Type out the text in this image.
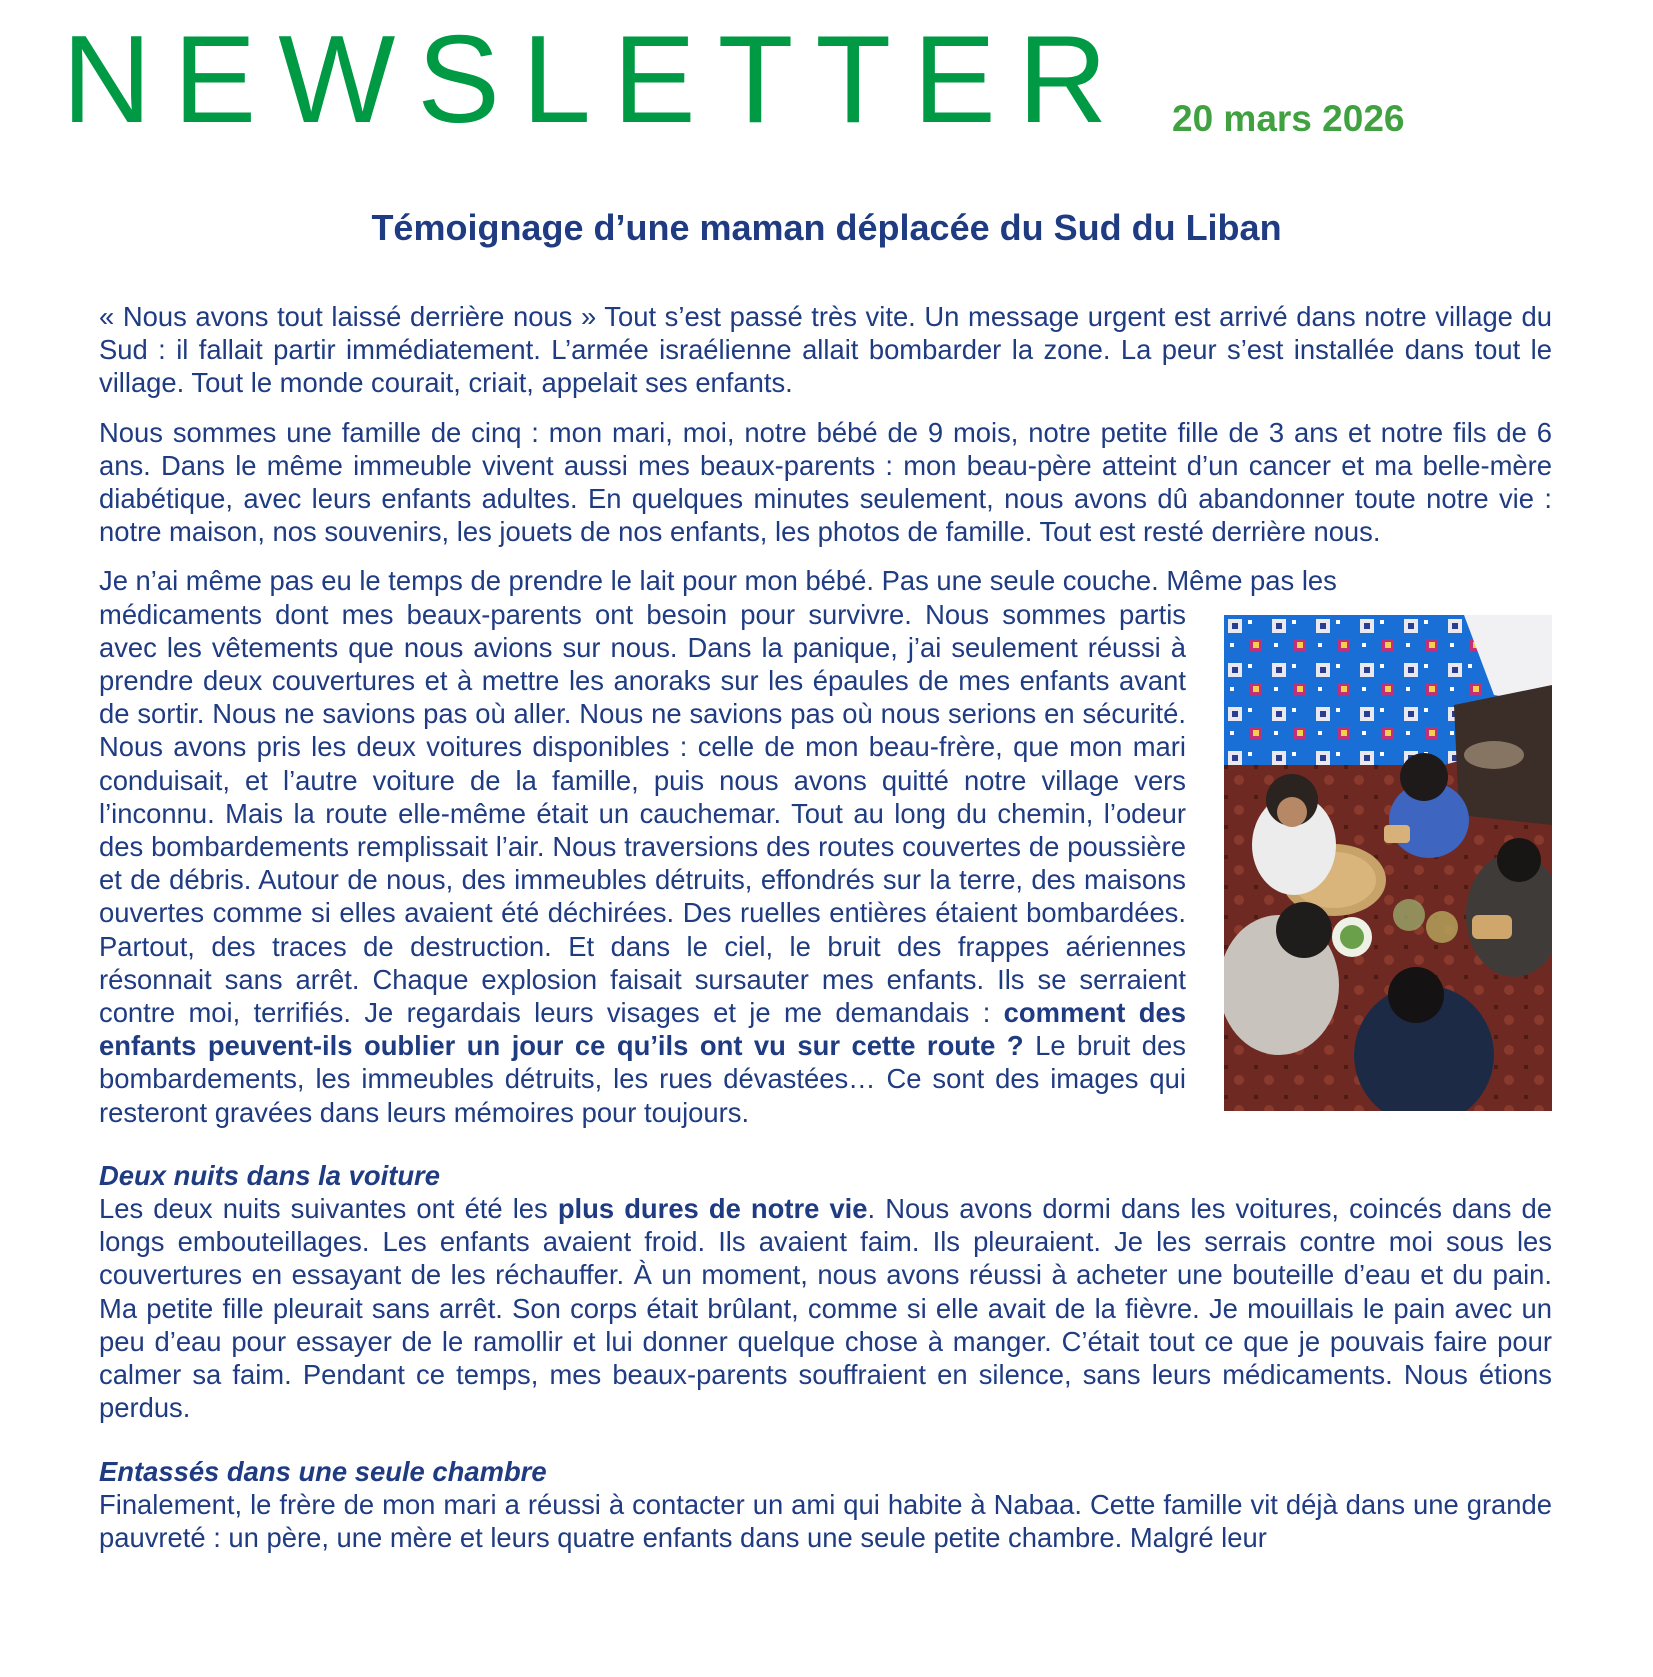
NEWSLETTER 20 mars 2026
Témoignage d’une maman déplacée du Sud du Liban

« Nous avons tout laissé derrière nous » Tout s’est passé très vite. Un message urgent est arrivé dans notre village du Sud : il fallait partir immédiatement. L’armée israélienne allait bombarder la zone. La peur s’est installée dans tout le village. Tout le monde courait, criait, appelait ses enfants.

Nous sommes une famille de cinq : mon mari, moi, notre bébé de 9 mois, notre petite fille de 3 ans et notre fils de 6 ans. Dans le même immeuble vivent aussi mes beaux-parents : mon beau-père atteint d’un cancer et ma belle-mère diabétique, avec leurs enfants adultes. En quelques minutes seulement, nous avons dû abandonner toute notre vie : notre maison, nos souvenirs, les jouets de nos enfants, les photos de famille. Tout est resté derrière nous.

Je n’ai même pas eu le temps de prendre le lait pour mon bébé. Pas une seule couche. Même pas les

médicaments dont mes beaux-parents ont besoin pour survivre. Nous sommes partis avec les vêtements que nous avions sur nous. Dans la panique, j’ai seulement réussi à prendre deux couvertures et à mettre les anoraks sur les épaules de mes enfants avant de sortir. Nous ne savions pas où aller. Nous ne savions pas où nous serions en sécurité. Nous avons pris les deux voitures disponibles : celle de mon beau-frère, que mon mari conduisait, et l’autre voiture de la famille, puis nous avons quitté notre village vers l’inconnu. Mais la route elle-même était un cauchemar. Tout au long du chemin, l’odeur des bombardements remplissait l’air. Nous traversions des routes couvertes de poussière et de débris. Autour de nous, des immeubles détruits, effondrés sur la terre, des maisons ouvertes comme si elles avaient été déchirées. Des ruelles entières étaient bombardées. Partout, des traces de destruction. Et dans le ciel, le bruit des frappes aériennes résonnait sans arrêt. Chaque explosion faisait sursauter mes enfants. Ils se serraient contre moi, terrifiés. Je regardais leurs visages et je me demandais : comment des enfants peuvent-ils oublier un jour ce qu’ils ont vu sur cette route ? Le bruit des bombardements, les immeubles détruits, les rues dévastées… Ce sont des images qui resteront gravées dans leurs mémoires pour toujours.

Deux nuits dans la voiture

Les deux nuits suivantes ont été les plus dures de notre vie. Nous avons dormi dans les voitures, coincés dans de longs embouteillages. Les enfants avaient froid. Ils avaient faim. Ils pleuraient. Je les serrais contre moi sous les couvertures en essayant de les réchauffer. À un moment, nous avons réussi à acheter une bouteille d’eau et du pain. Ma petite fille pleurait sans arrêt. Son corps était brûlant, comme si elle avait de la fièvre. Je mouillais le pain avec un peu d’eau pour essayer de le ramollir et lui donner quelque chose à manger. C’était tout ce que je pouvais faire pour calmer sa faim. Pendant ce temps, mes beaux-parents souffraient en silence, sans leurs médicaments. Nous étions perdus.

Entassés dans une seule chambre

Finalement, le frère de mon mari a réussi à contacter un ami qui habite à Nabaa. Cette famille vit déjà dans une grande pauvreté : un père, une mère et leurs quatre enfants dans une seule petite chambre. Malgré leur
